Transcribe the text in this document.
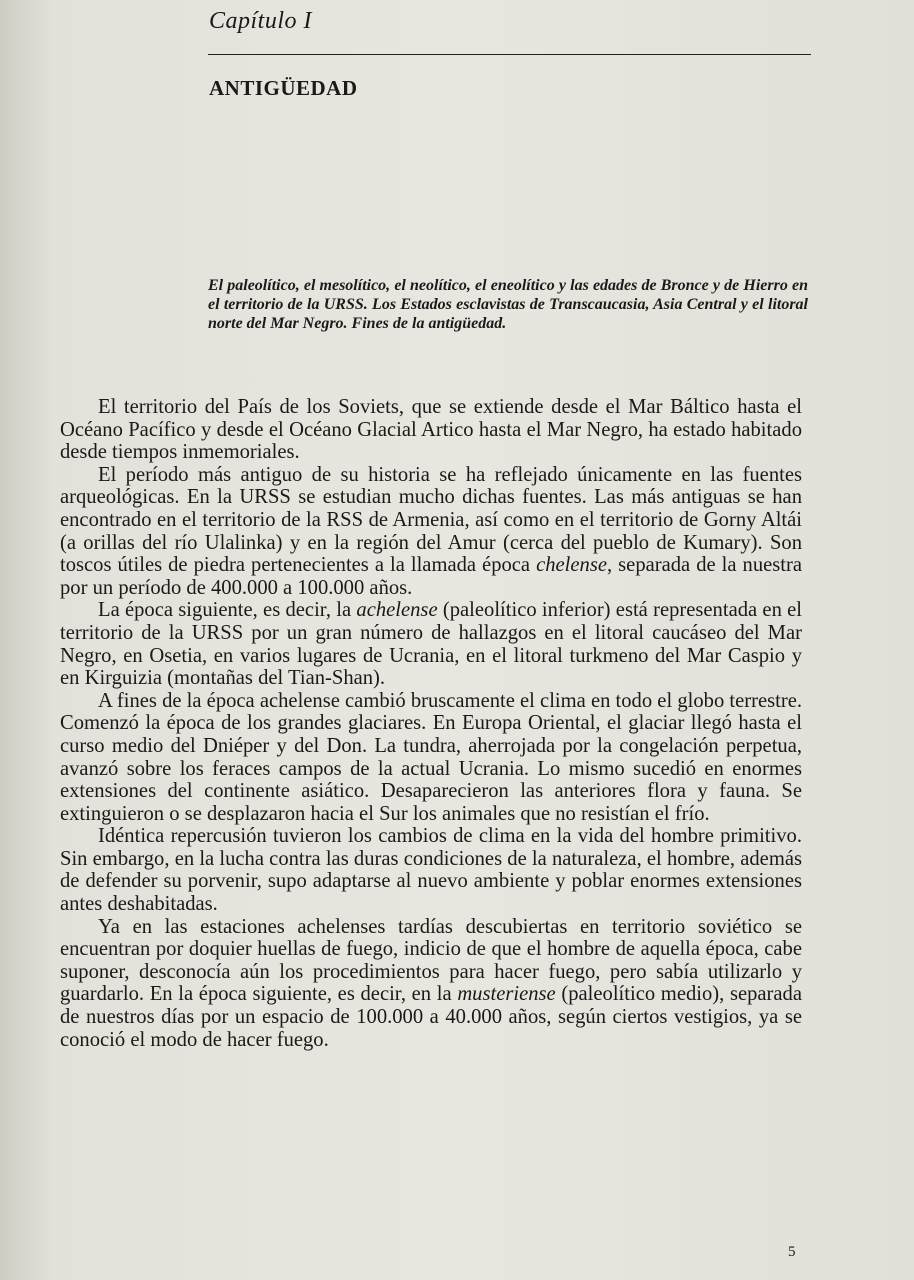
Capítulo I
ANTIGÜEDAD
El paleolítico, el mesolítico, el neolítico, el eneolítico y las edades de Bronce y de Hierro en el territorio de la URSS. Los Estados esclavistas de Transcaucasia, Asia Central y el litoral norte del Mar Negro. Fines de la antigüedad.

El territorio del País de los Soviets, que se extiende desde el Mar Báltico hasta el Océano Pacífico y desde el Océano Glacial Artico hasta el Mar Negro, ha estado habitado desde tiempos inmemoriales.

El período más antiguo de su historia se ha reflejado únicamente en las fuentes arqueológicas. En la URSS se estudian mucho dichas fuentes. Las más antiguas se han encontrado en el territorio de la RSS de Armenia, así como en el territorio de Gorny Altái (a orillas del río Ulalinka) y en la región del Amur (cerca del pueblo de Kumary). Son toscos útiles de piedra pertenecientes a la llamada época chelense, separada de la nuestra por un período de 400.000 a 100.000 años.

La época siguiente, es decir, la achelense (paleolítico inferior) está representada en el territorio de la URSS por un gran número de hallazgos en el litoral caucáseo del Mar Negro, en Osetia, en varios lugares de Ucrania, en el litoral turkmeno del Mar Caspio y en Kirguizia (montañas del Tian-Shan).

A fines de la época achelense cambió bruscamente el clima en todo el globo terrestre. Comenzó la época de los grandes glaciares. En Europa Oriental, el glaciar llegó hasta el curso medio del Dniéper y del Don. La tundra, aherrojada por la congelación perpetua, avanzó sobre los feraces campos de la actual Ucrania. Lo mismo sucedió en enormes extensiones del continente asiático. Desaparecieron las anteriores flora y fauna. Se extinguieron o se desplazaron hacia el Sur los animales que no resistían el frío.

Idéntica repercusión tuvieron los cambios de clima en la vida del hombre primitivo. Sin embargo, en la lucha contra las duras condiciones de la naturaleza, el hombre, además de defender su porvenir, supo adaptarse al nuevo ambiente y poblar enormes extensiones antes deshabitadas.

Ya en las estaciones achelenses tardías descubiertas en territorio soviético se encuentran por doquier huellas de fuego, indicio de que el hombre de aquella época, cabe suponer, desconocía aún los procedimientos para hacer fuego, pero sabía utilizarlo y guardarlo. En la época siguiente, es decir, en la musteriense (paleolítico medio), separada de nuestros días por un espacio de 100.000 a 40.000 años, según ciertos vestigios, ya se conoció el modo de hacer fuego.

5
